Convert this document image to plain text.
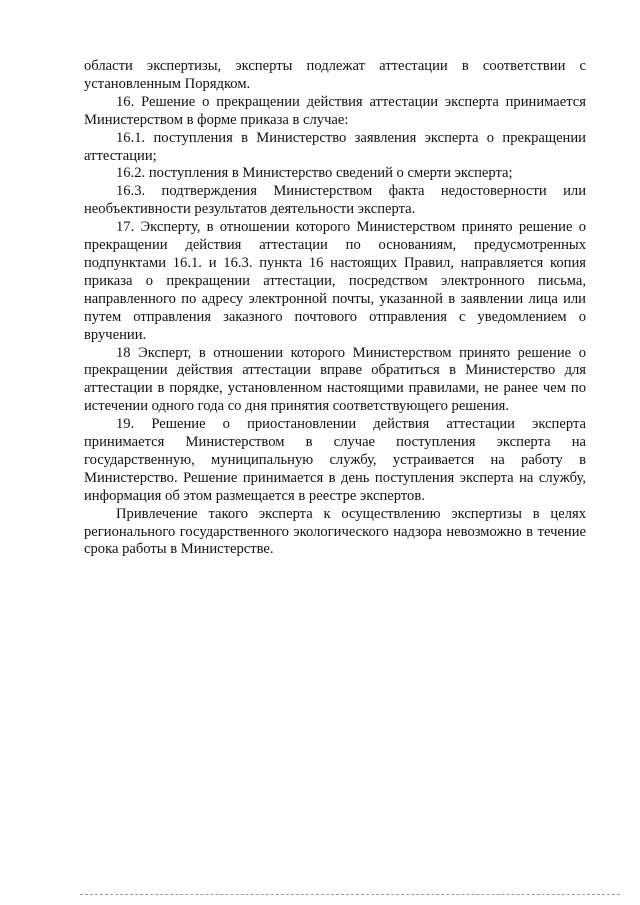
области экспертизы, эксперты подлежат аттестации в соответствии с установленным Порядком.

16. Решение о прекращении действия аттестации эксперта принимается Министерством в форме приказа в случае:

16.1. поступления в Министерство заявления эксперта о прекращении аттестации;

16.2. поступления в Министерство сведений о смерти эксперта;

16.3. подтверждения Министерством факта недостоверности или необъективности результатов деятельности эксперта.

17. Эксперту, в отношении которого Министерством принято решение о прекращении действия аттестации по основаниям, предусмотренных подпунктами 16.1. и 16.3. пункта 16 настоящих Правил, направляется копия приказа о прекращении аттестации, посредством электронного письма, направленного по адресу электронной почты, указанной в заявлении лица или путем отправления заказного почтового отправления с уведомлением о вручении.

18 Эксперт, в отношении которого Министерством принято решение о прекращении действия аттестации вправе обратиться в Министерство для аттестации в порядке, установленном настоящими правилами, не ранее чем по истечении одного года со дня принятия соответствующего решения.

19. Решение о приостановлении действия аттестации эксперта принимается Министерством в случае поступления эксперта на государственную, муниципальную службу, устраивается на работу в Министерство. Решение принимается в день поступления эксперта на службу, информация об этом размещается в реестре экспертов.

Привлечение такого эксперта к осуществлению экспертизы в целях регионального государственного экологического надзора невозможно в течение срока работы в Министерстве.
